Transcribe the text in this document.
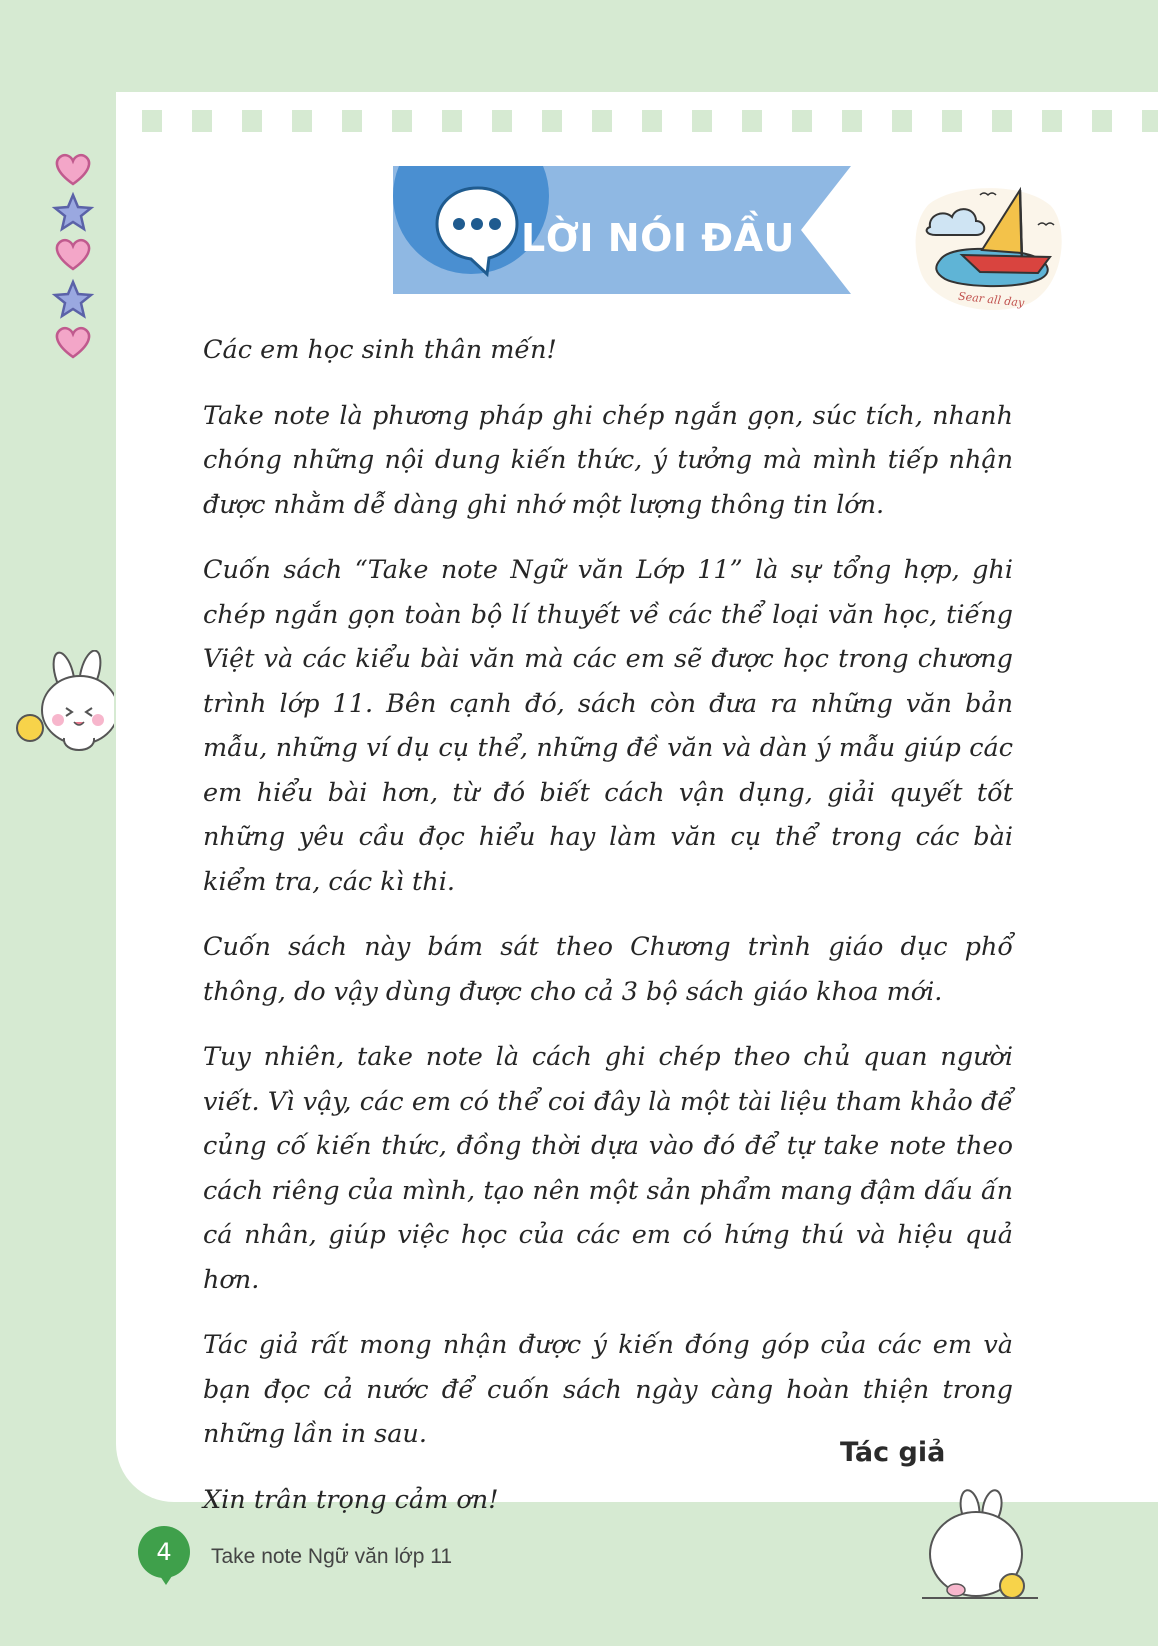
LỜI NÓI ĐẦU
Sear all day

Các em học sinh thân mến!

Take note là phương pháp ghi chép ngắn gọn, súc tích, nhanh chóng những nội dung kiến thức, ý tưởng mà mình tiếp nhận được nhằm dễ dàng ghi nhớ một lượng thông tin lớn.

Cuốn sách “Take note Ngữ văn Lớp 11” là sự tổng hợp, ghi chép ngắn gọn toàn bộ lí thuyết về các thể loại văn học, tiếng Việt và các kiểu bài văn mà các em sẽ được học trong chương trình lớp 11. Bên cạnh đó, sách còn đưa ra những văn bản mẫu, những ví dụ cụ thể, những đề văn và dàn ý mẫu giúp các em hiểu bài hơn, từ đó biết cách vận dụng, giải quyết tốt những yêu cầu đọc hiểu hay làm văn cụ thể trong các bài kiểm tra, các kì thi.

Cuốn sách này bám sát theo Chương trình giáo dục phổ thông, do vậy dùng được cho cả 3 bộ sách giáo khoa mới.

Tuy nhiên, take note là cách ghi chép theo chủ quan người viết. Vì vậy, các em có thể coi đây là một tài liệu tham khảo để củng cố kiến thức, đồng thời dựa vào đó để tự take note theo cách riêng của mình, tạo nên một sản phẩm mang đậm dấu ấn cá nhân, giúp việc học của các em có hứng thú và hiệu quả hơn.

Tác giả rất mong nhận được ý kiến đóng góp của các em và bạn đọc cả nước để cuốn sách ngày càng hoàn thiện trong những lần in sau.

Xin trân trọng cảm ơn!

Tác giả
4	Take note Ngữ văn lớp 11
